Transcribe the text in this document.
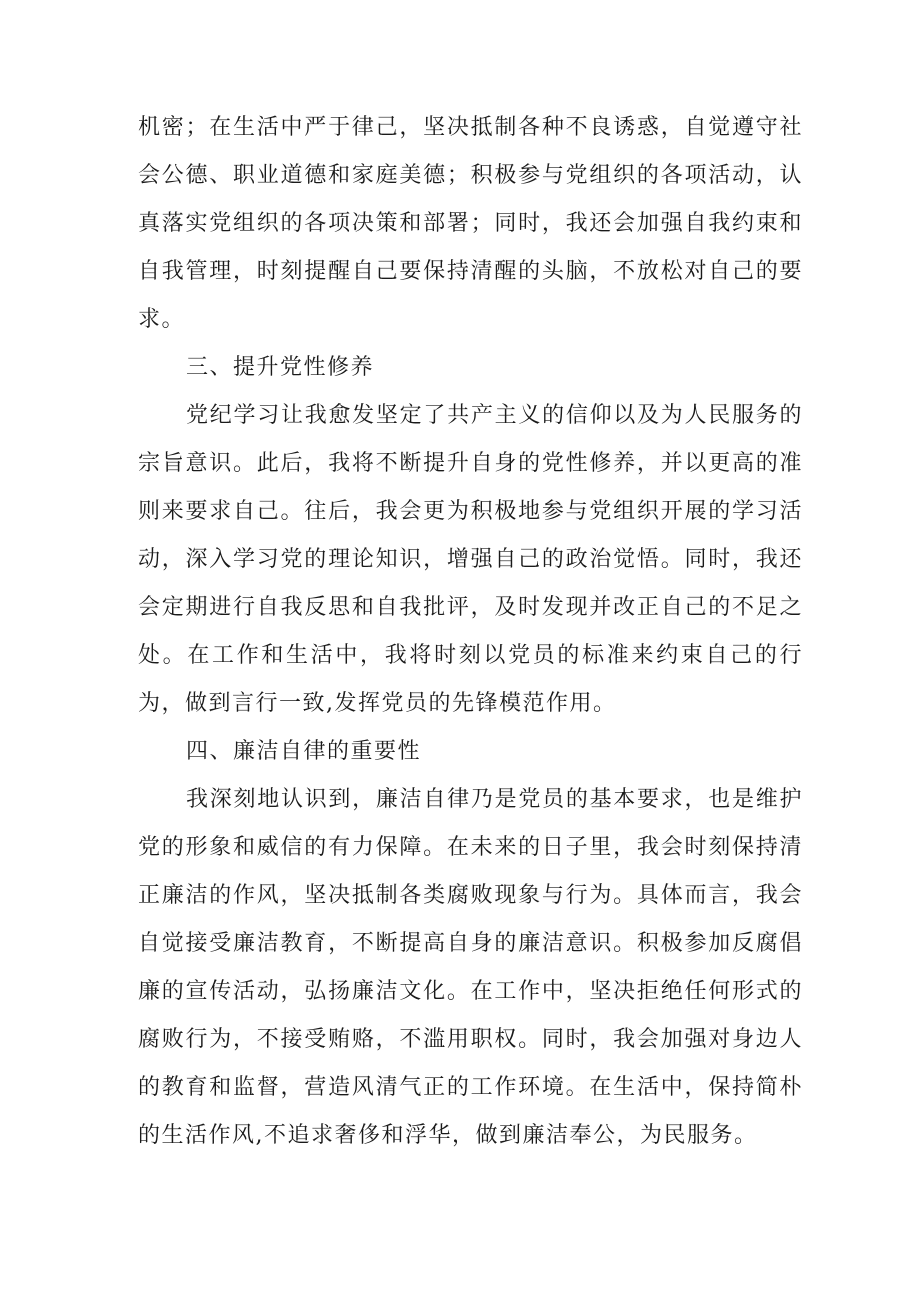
机密；在生活中严于律己，坚决抵制各种不良诱惑，自觉遵守社会公德、职业道德和家庭美德；积极参与党组织的各项活动，认真落实党组织的各项决策和部署；同时，我还会加强自我约束和自我管理，时刻提醒自己要保持清醒的头脑，不放松对自己的要求。

三、提升党性修养

党纪学习让我愈发坚定了共产主义的信仰以及为人民服务的宗旨意识。此后，我将不断提升自身的党性修养，并以更高的准则来要求自己。往后，我会更为积极地参与党组织开展的学习活动，深入学习党的理论知识，增强自己的政治觉悟。同时，我还会定期进行自我反思和自我批评，及时发现并改正自己的不足之处。在工作和生活中，我将时刻以党员的标准来约束自己的行为，做到言行一致,发挥党员的先锋模范作用。

四、廉洁自律的重要性

我深刻地认识到，廉洁自律乃是党员的基本要求，也是维护党的形象和威信的有力保障。在未来的日子里，我会时刻保持清正廉洁的作风，坚决抵制各类腐败现象与行为。具体而言，我会自觉接受廉洁教育，不断提高自身的廉洁意识。积极参加反腐倡廉的宣传活动，弘扬廉洁文化。在工作中，坚决拒绝任何形式的腐败行为，不接受贿赂，不滥用职权。同时，我会加强对身边人的教育和监督，营造风清气正的工作环境。在生活中，保持简朴的生活作风,不追求奢侈和浮华，做到廉洁奉公，为民服务。
